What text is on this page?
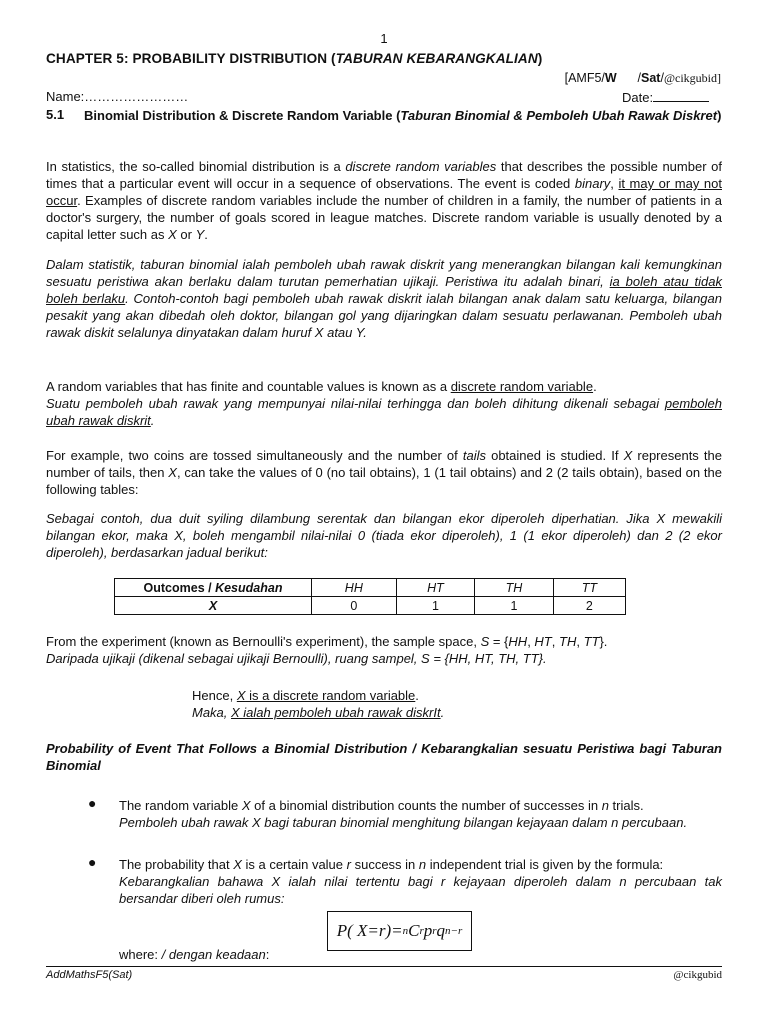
1
CHAPTER 5: PROBABILITY DISTRIBUTION (TABURAN KEBARANGKALIAN)
[AMF5/W      /Sat/@cikgubid]
Name:……………………	Date:
5.1 Binomial Distribution & Discrete Random Variable (Taburan Binomial & Pemboleh Ubah Rawak Diskret)
In statistics, the so-called binomial distribution is a discrete random variables that describes the possible number of times that a particular event will occur in a sequence of observations. The event is coded binary, it may or may not occur. Examples of discrete random variables include the number of children in a family, the number of patients in a doctor's surgery, the number of goals scored in league matches. Discrete random variable is usually denoted by a capital letter such as X or Y.
Dalam statistik, taburan binomial ialah pemboleh ubah rawak diskrit yang menerangkan bilangan kali kemungkinan sesuatu peristiwa akan berlaku dalam turutan pemerhatian ujikaji. Peristiwa itu adalah binari, ia boleh atau tidak boleh berlaku. Contoh-contoh bagi pemboleh ubah rawak diskrit ialah bilangan anak dalam satu keluarga, bilangan pesakit yang akan dibedah oleh doktor, bilangan gol yang dijaringkan dalam sesuatu perlawanan. Pemboleh ubah rawak diskit selalunya dinyatakan dalam huruf X atau Y.
A random variables that has finite and countable values is known as a discrete random variable.
Suatu pemboleh ubah rawak yang mempunyai nilai-nilai terhingga dan boleh dihitung dikenali sebagai pemboleh ubah rawak diskrit.
For example, two coins are tossed simultaneously and the number of tails obtained is studied. If X represents the number of tails, then X, can take the values of 0 (no tail obtains), 1 (1 tail obtains) and 2 (2 tails obtain), based on the following tables:
Sebagai contoh, dua duit syiling dilambung serentak dan bilangan ekor diperoleh diperhatian. Jika X mewakili bilangan ekor, maka X, boleh mengambil nilai-nilai 0 (tiada ekor diperoleh), 1 (1 ekor diperoleh) dan 2 (2 ekor diperoleh), berdasarkan jadual berikut:
Outcomes / Kesudahan	HH	HT	TH	TT
X	0	1	1	2
From the experiment (known as Bernoulli's experiment), the sample space, S = {HH, HT, TH, TT}.
Daripada ujikaji (dikenal sebagai ujikaji Bernoulli), ruang sampel, S = {HH, HT, TH, TT}.
Hence, X is a discrete random variable.
Maka, X ialah pemboleh ubah rawak diskrIt.
Probability of Event That Follows a Binomial Distribution / Kebarangkalian sesuatu Peristiwa bagi Taburan Binomial
● The random variable X of a binomial distribution counts the number of successes in n trials.
Pemboleh ubah rawak X bagi taburan binomial menghitung bilangan kejayaan dalam n percubaan.
● The probability that X is a certain value r success in n independent trial is given by the formula:
Kebarangkalian bahawa X ialah nilai tertentu bagi r kejayaan diperoleh dalam n percubaan tak bersandar diberi oleh rumus:
P( X=r)= n C r p r q n−r
where: / dengan keadaan:
AddMathsF5(Sat)	@cikgubid
